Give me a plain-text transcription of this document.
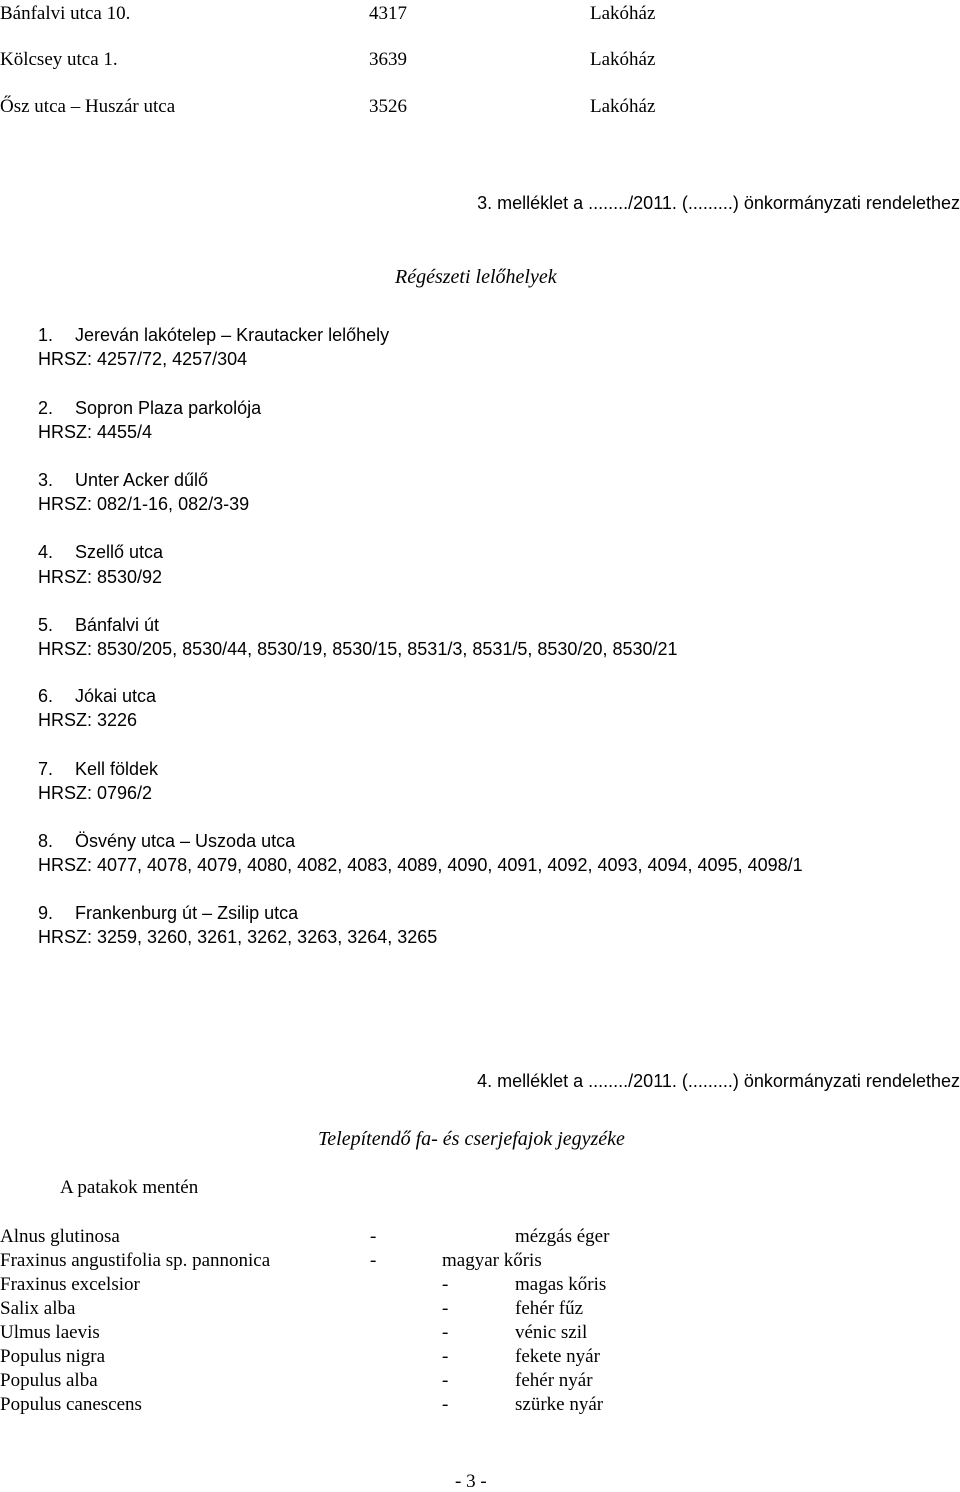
Bánfalvi utca 10.	4317	Lakóház
Kölcsey utca 1.	3639	Lakóház
Ősz utca – Huszár utca	3526	Lakóház
3. melléklet a ......../2011. (.........) önkormányzati rendelethez
Régészeti lelőhelyek
1. Jereván lakótelep – Krautacker lelőhely
HRSZ: 4257/72, 4257/304
2. Sopron Plaza parkolója
HRSZ: 4455/4
3. Unter Acker dűlő
HRSZ: 082/1-16, 082/3-39
4. Szellő utca
HRSZ: 8530/92
5. Bánfalvi út
HRSZ: 8530/205, 8530/44, 8530/19, 8530/15, 8531/3, 8531/5, 8530/20, 8530/21
6. Jókai utca
HRSZ: 3226
7. Kell földek
HRSZ: 0796/2
8. Ösvény utca – Uszoda utca
HRSZ: 4077, 4078, 4079, 4080, 4082, 4083, 4089, 4090, 4091, 4092, 4093, 4094, 4095, 4098/1
9. Frankenburg út – Zsilip utca
HRSZ: 3259, 3260, 3261, 3262, 3263, 3264, 3265
4. melléklet a ......../2011. (.........) önkormányzati rendelethez
Telepítendő fa- és cserjefajok jegyzéke
A patakok mentén
Alnus glutinosa	-	mézgás éger
Fraxinus angustifolia sp. pannonica	-	magyar kőris
Fraxinus excelsior	-	magas kőris
Salix alba	-	fehér fűz
Ulmus laevis	-	vénic szil
Populus nigra	-	fekete nyár
Populus alba	-	fehér nyár
Populus canescens	-	szürke nyár
- 3 -
